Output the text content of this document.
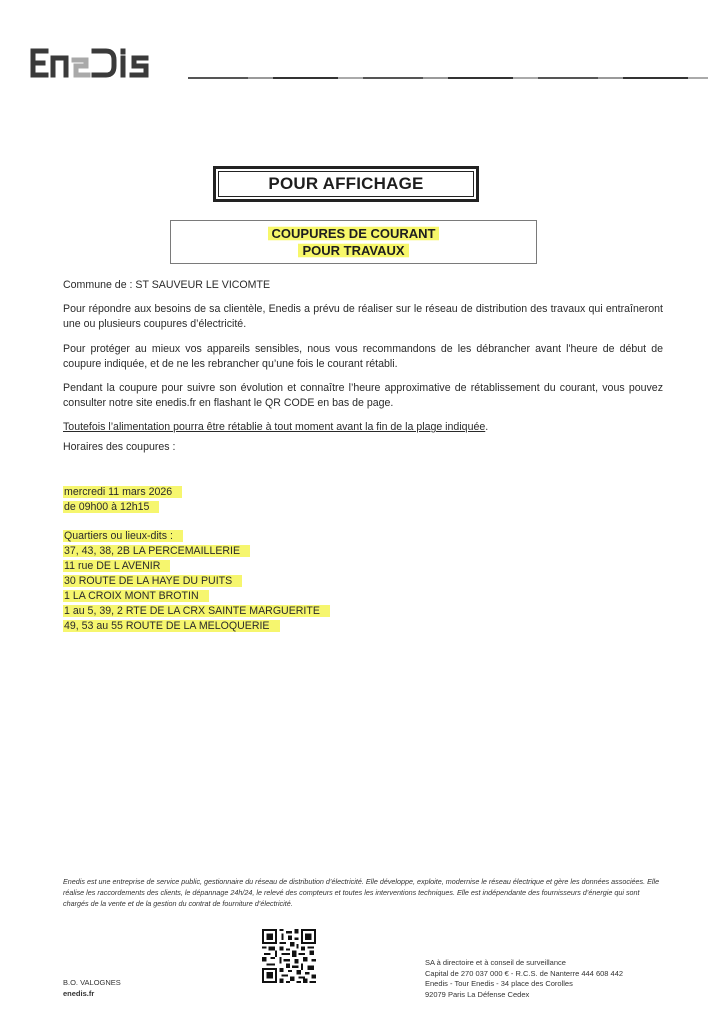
POUR AFFICHAGE
COUPURES DE COURANT
POUR TRAVAUX
Commune de : ST SAUVEUR LE VICOMTE
Pour répondre aux besoins de sa clientèle, Enedis a prévu de réaliser sur le réseau de distribution des travaux qui entraîneront une ou plusieurs coupures d’électricité.
Pour protéger au mieux vos appareils sensibles, nous vous recommandons de les débrancher avant l'heure de début de coupure indiquée, et de ne les rebrancher qu’une fois le courant rétabli.
Pendant la coupure pour suivre son évolution et connaître l’heure approximative de rétablissement du courant, vous pouvez consulter notre site enedis.fr en flashant le QR CODE en bas de page.
Toutefois l’alimentation pourra être rétablie à tout moment avant la fin de la plage indiquée.
Horaires des coupures :
mercredi 11 mars 2026
de 09h00 à 12h15
Quartiers ou lieux-dits :
37, 43, 38, 2B LA PERCEMAILLERIE
11 rue DE L AVENIR
30 ROUTE DE LA HAYE DU PUITS
1 LA CROIX MONT BROTIN
1 au 5, 39, 2 RTE DE LA CRX SAINTE MARGUERITE
49, 53 au 55 ROUTE DE LA MELOQUERIE
Enedis est une entreprise de service public, gestionnaire du réseau de distribution d’électricité. Elle développe, exploite, modernise le réseau électrique et gère les données associées. Elle réalise les raccordements des clients, le dépannage 24h/24, le relevé des compteurs et toutes les interventions techniques. Elle est indépendante des fournisseurs d’énergie qui sont chargés de la vente et de la gestion du contrat de fourniture d’électricité.
B.O. VALOGNES
enedis.fr
SA à directoire et à conseil de surveillance
Capital de 270 037 000 € - R.C.S. de Nanterre 444 608 442
Enedis - Tour Enedis - 34 place des Corolles
92079 Paris La Défense Cedex
